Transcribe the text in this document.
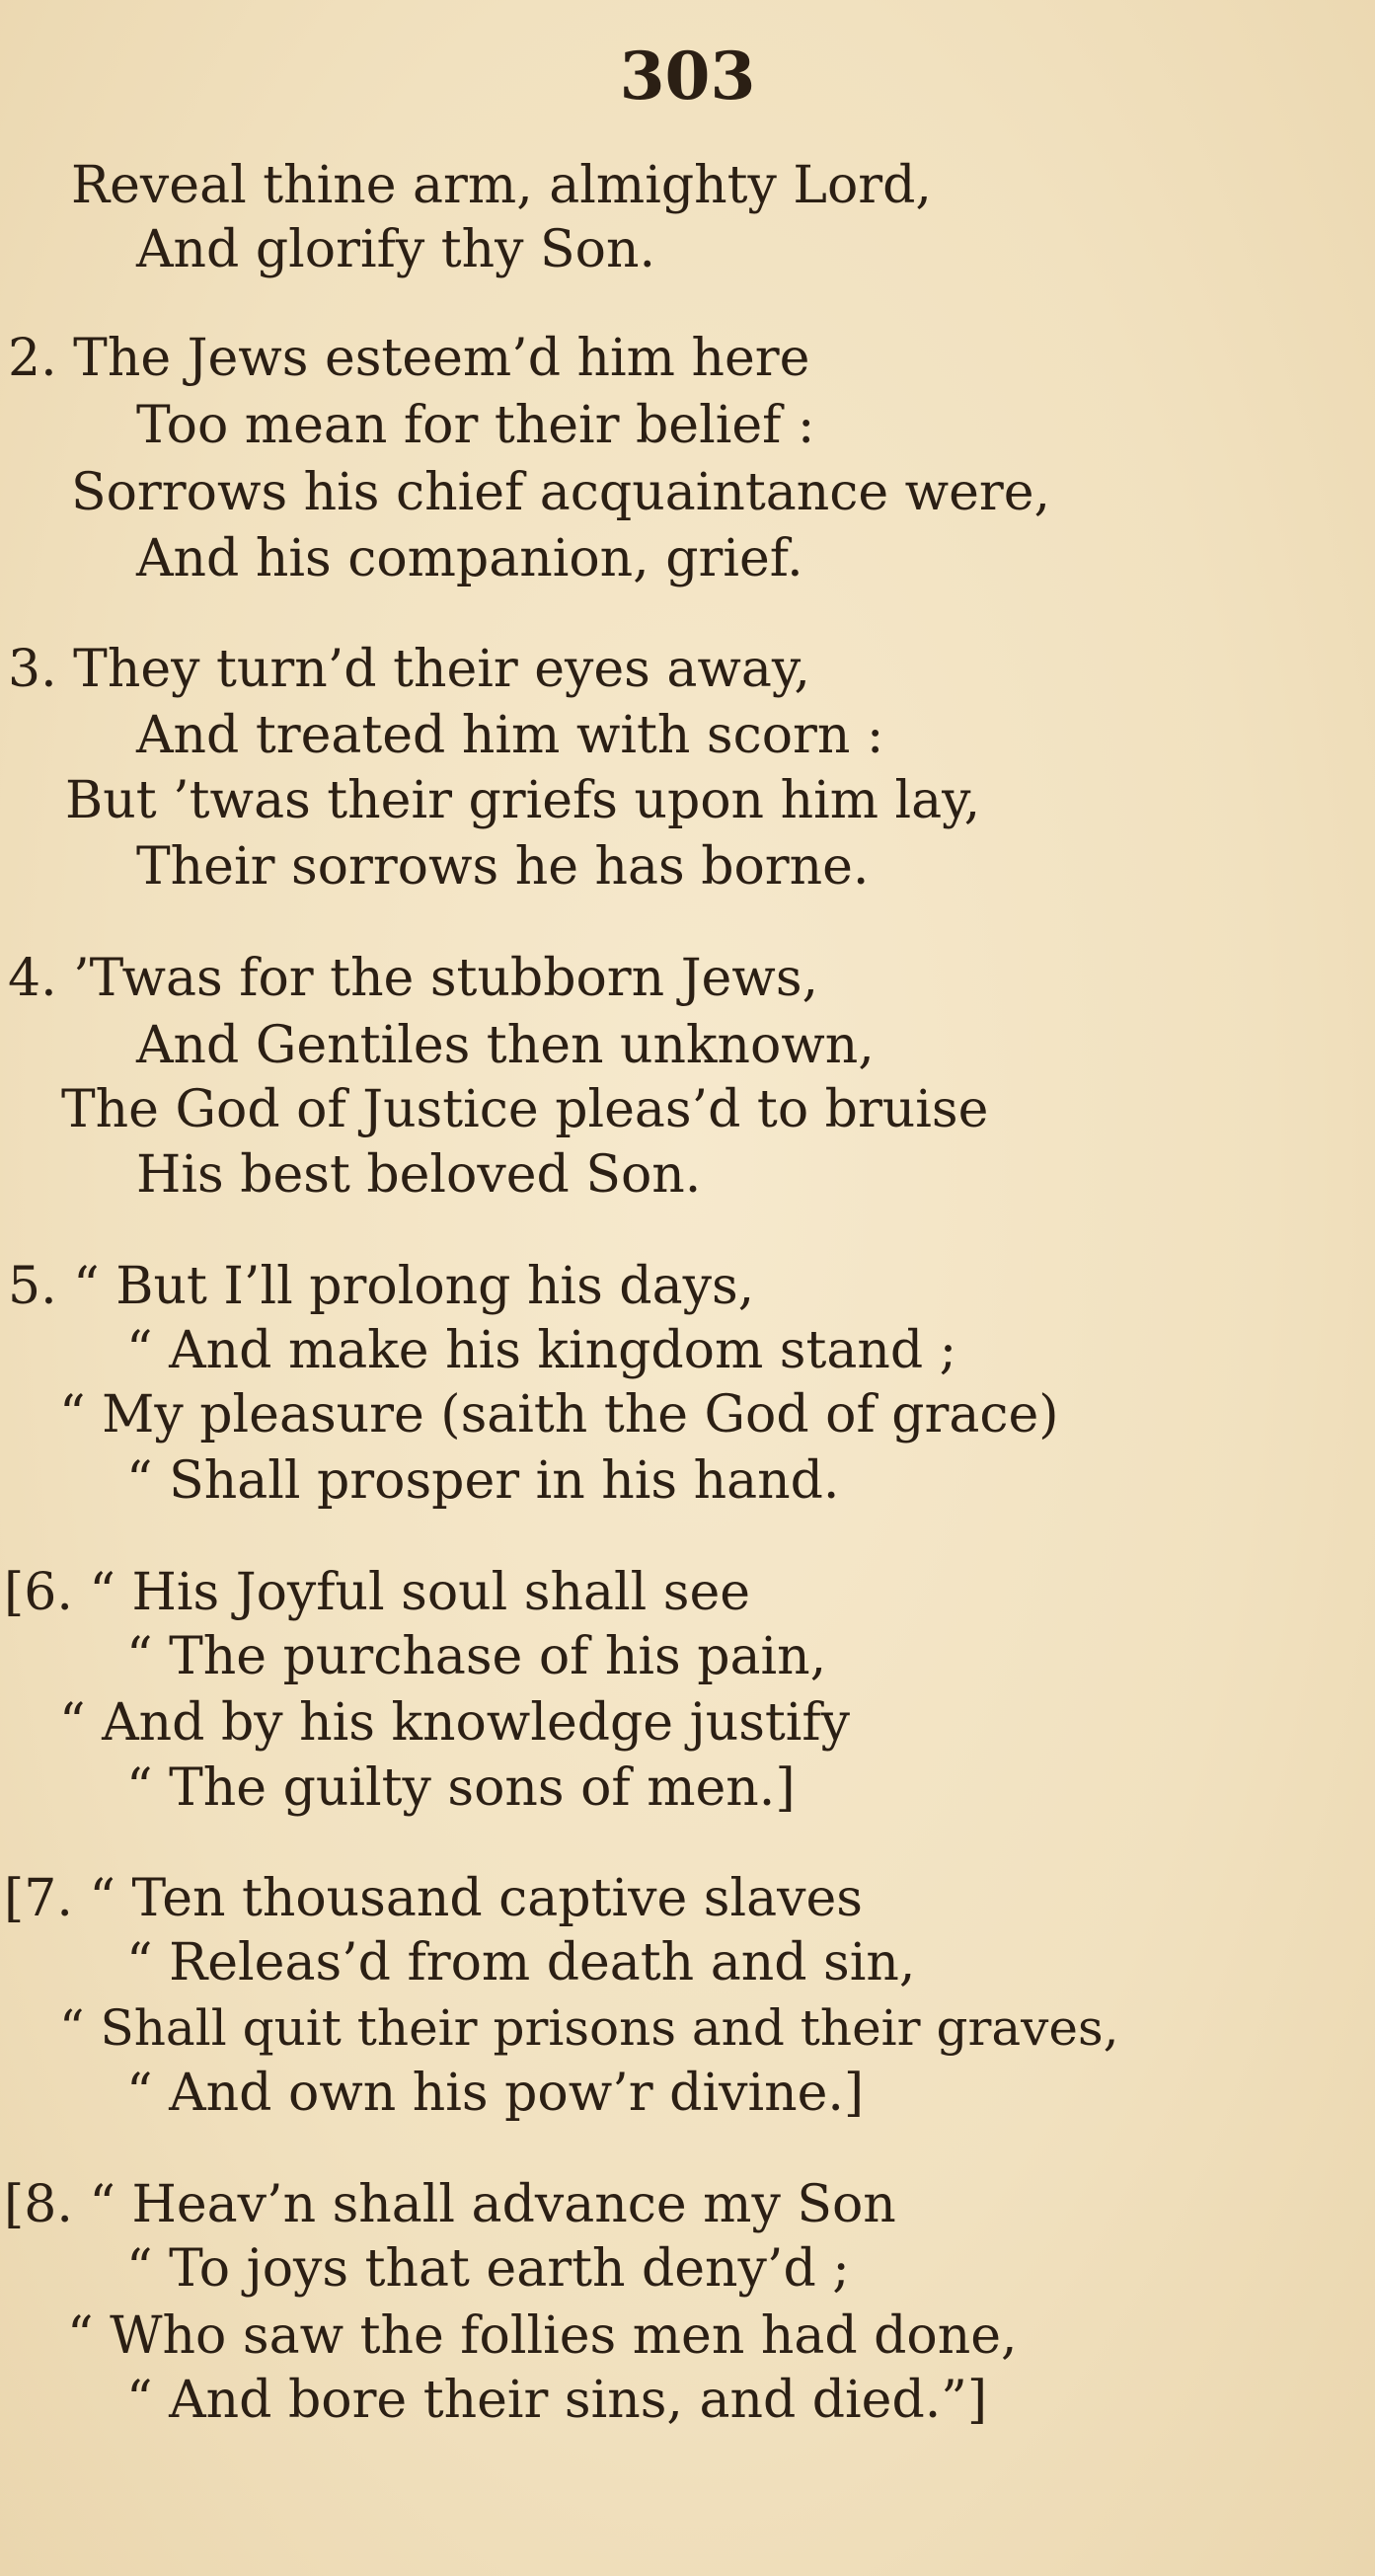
303
Reveal thine arm, almighty Lord,
And glorify thy Son.
2. The Jews esteem’d him here
Too mean for their belief :
Sorrows his chief acquaintance were,
And his companion, grief.
3. They turn’d their eyes away,
And treated him with scorn :
But ’twas their griefs upon him lay,
Their sorrows he has borne.
4. ’Twas for the stubborn Jews,
And Gentiles then unknown,
The God of Justice pleas’d to bruise
His best beloved Son.
5. “ But I’ll prolong his days,
“ And make his kingdom stand ;
“ My pleasure (saith the God of grace)
“ Shall prosper in his hand.
[6. “ His Joyful soul shall see
“ The purchase of his pain,
“ And by his knowledge justify
“ The guilty sons of men.]
[7. “ Ten thousand captive slaves
“ Releas’d from death and sin,
“ Shall quit their prisons and their graves,
“ And own his pow’r divine.]
[8. “ Heav’n shall advance my Son
“ To joys that earth deny’d ;
“ Who saw the follies men had done,
“ And bore their sins, and died.”]
